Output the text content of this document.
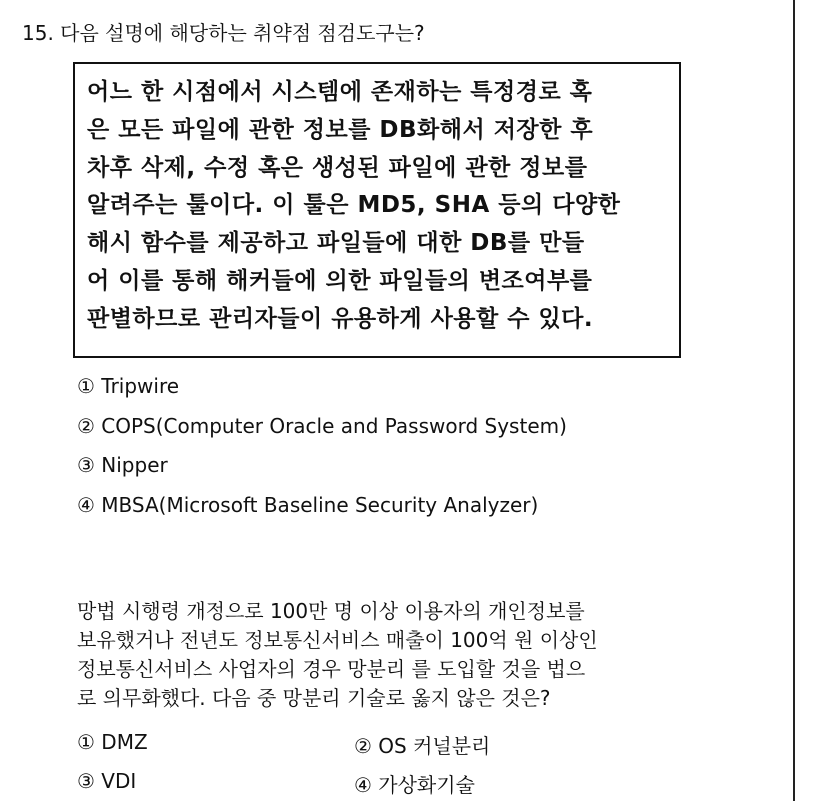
15. 다음 설명에 해당하는 취약점 점검도구는?
어느 한 시점에서 시스템에 존재하는 특정경로 혹
은 모든 파일에 관한 정보를 DB화해서 저장한 후
차후 삭제, 수정 혹은 생성된 파일에 관한 정보를
알려주는 툴이다. 이 툴은 MD5, SHA 등의 다양한
해시 함수를 제공하고 파일들에 대한 DB를 만들
어 이를 통해 해커들에 의한 파일들의 변조여부를
판별하므로 관리자들이 유용하게 사용할 수 있다.
① Tripwire
② COPS(Computer Oracle and Password System)
③ Nipper
④ MBSA(Microsoft Baseline Security Analyzer)
망법 시행령 개정으로 100만 명 이상 이용자의 개인정보를
보유했거나 전년도 정보통신서비스 매출이 100억 원 이상인
정보통신서비스 사업자의 경우 망분리 를 도입할 것을 법으
로 의무화했다. 다음 중 망분리 기술로 옳지 않은 것은?
① DMZ	② OS 커널분리
③ VDI	④ 가상화기술
